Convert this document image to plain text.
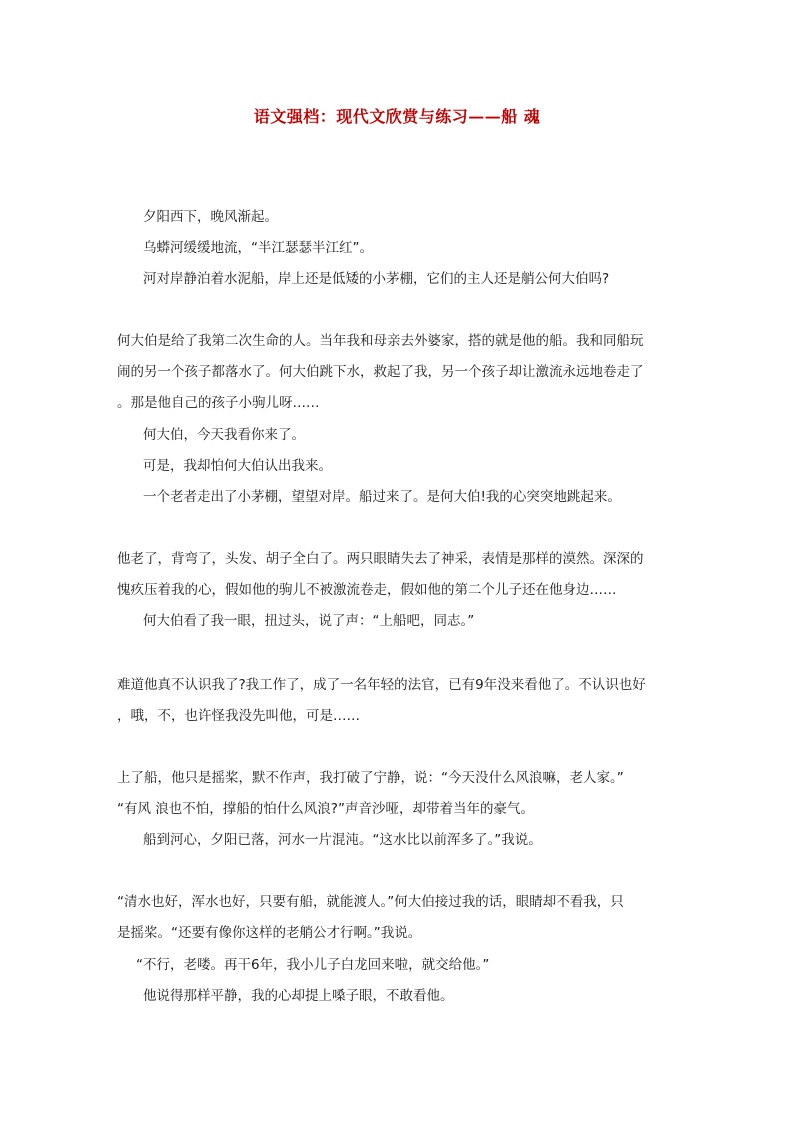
语文强档：现代文欣赏与练习——船 魂
夕阳西下，晚风渐起。
乌蟒河缓缓地流，“半江瑟瑟半江红”。
河对岸静泊着水泥船，岸上还是低矮的小茅棚，它们的主人还是艄公何大伯吗?
何大伯是给了我第二次生命的人。当年我和母亲去外婆家，搭的就是他的船。我和同船玩
闹的另一个孩子都落水了。何大伯跳下水，救起了我，另一个孩子却让激流永远地卷走了
。那是他自己的孩子小驹儿呀……
何大伯，今天我看你来了。
可是，我却怕何大伯认出我来。
一个老者走出了小茅棚，望望对岸。船过来了。是何大伯!我的心突突地跳起来。
他老了，背弯了，头发、胡子全白了。两只眼睛失去了神采，表情是那样的漠然。深深的
愧疚压着我的心，假如他的驹儿不被激流卷走，假如他的第二个儿子还在他身边……
何大伯看了我一眼，扭过头，说了声：“上船吧，同志。”
难道他真不认识我了?我工作了，成了一名年轻的法官，已有9年没来看他了。不认识也好
，哦，不，也许怪我没先叫他，可是……
上了船，他只是摇桨，默不作声，我打破了宁静，说：“今天没什么风浪嘛，老人家。”
“有风 浪也不怕，撑船的怕什么风浪?”声音沙哑，却带着当年的豪气。
船到河心，夕阳已落，河水一片混沌。“这水比以前浑多了。”我说。
“清水也好，浑水也好，只要有船，就能渡人。”何大伯接过我的话，眼睛却不看我，只
是摇桨。“还要有像你这样的老艄公才行啊。”我说。
“不行，老喽。再干6年，我小儿子白龙回来啦，就交给他。”
他说得那样平静，我的心却提上嗓子眼，不敢看他。
